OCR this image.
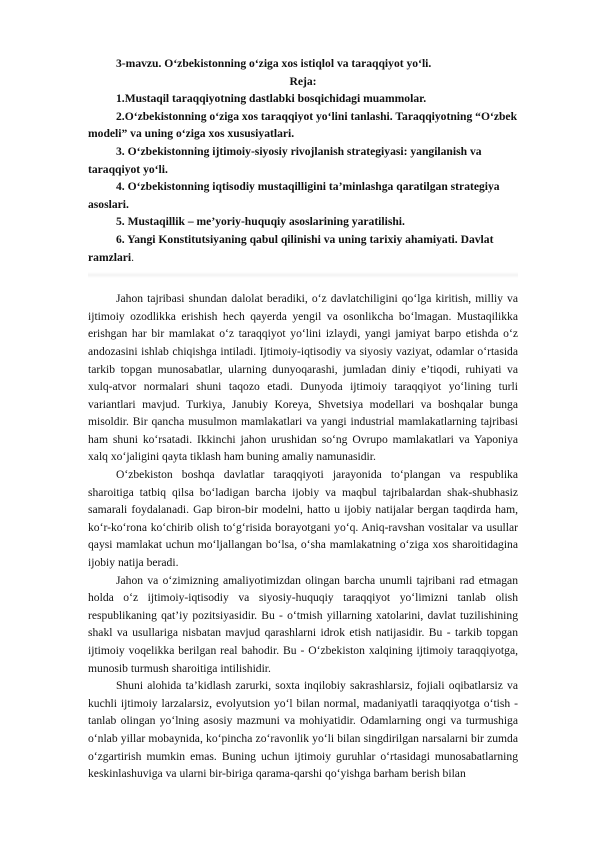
3-mavzu. O‘zbekistonning o‘ziga xos istiqlol va taraqqiyot yo‘li.

Reja:

1.Mustaqil taraqqiyotning dastlabki bosqichidagi muammolar.

2.O‘zbekistonning o‘ziga xos taraqqiyot yo‘lini tanlashi. Taraqqiyotning “O‘zbek modeli” va uning o‘ziga xos xususiyatlari.

3. O‘zbekistonning ijtimoiy-siyosiy rivojlanish strategiyasi: yangilanish va taraqqiyot yo‘li.

4. O‘zbekistonning iqtisodiy mustaqilligini ta’minlashga qaratilgan strategiya asoslari.

5. Mustaqillik – me’yoriy-huquqiy asoslarining yaratilishi.

6. Yangi Konstitutsiyaning qabul qilinishi va uning tarixiy ahamiyati. Davlat ramzlari.

Jahon tajribasi shundan dalolat beradiki, o‘z davlatchiligini qo‘lga kiritish, milliy va ijtimoiy ozodlikka erishish hech qayerda yengil va osonlikcha bo‘lmagan. Mustaqilikka erishgan har bir mamlakat o‘z taraqqiyot yo‘lini izlaydi, yangi jamiyat barpo etishda o‘z andozasini ishlab chiqishga intiladi. Ijtimoiy-iqtisodiy va siyosiy vaziyat, odamlar o‘rtasida tarkib topgan munosabatlar, ularning dunyoqarashi, jumladan diniy e’tiqodi, ruhiyati va xulq-atvor normalari shuni taqozo etadi. Dunyoda ijtimoiy taraqqiyot yo‘lining turli variantlari mavjud. Turkiya, Janubiy Koreya, Shvetsiya modellari va boshqalar bunga misoldir. Bir qancha musulmon mamlakatlari va yangi industrial mamlakatlarning tajribasi ham shuni ko‘rsatadi. Ikkinchi jahon urushidan so‘ng Ovrupo mamlakatlari va Yaponiya xalq xo‘jaligini qayta tiklash ham buning amaliy namunasidir.

O‘zbekiston boshqa davlatlar taraqqiyoti jarayonida to‘plangan va respublika sharoitiga tatbiq qilsa bo‘ladigan barcha ijobiy va maqbul tajribalardan shak-shubhasiz samarali foydalanadi. Gap biron-bir modelni, hatto u ijobiy natijalar bergan taqdirda ham, ko‘r-ko‘rona ko‘chirib olish to‘g‘risida borayotgani yo‘q. Aniq-ravshan vositalar va usullar qaysi mamlakat uchun mo‘ljallangan bo‘lsa, o‘sha mamlakatning o‘ziga xos sharoitidagina ijobiy natija beradi.

Jahon va o‘zimizning amaliyotimizdan olingan barcha unumli tajribani rad etmagan holda o‘z ijtimoiy-iqtisodiy va siyosiy-huquqiy taraqqiyot yo‘limizni tanlab olish respublikaning qat’iy pozitsiyasidir. Bu - o‘tmish yillarning xatolarini, davlat tuzilishining shakl va usullariga nisbatan mavjud qarashlarni idrok etish natijasidir. Bu - tarkib topgan ijtimoiy voqelikka berilgan real bahodir. Bu - O‘zbekiston xalqining ijtimoiy taraqqiyotga, munosib turmush sharoitiga intilishidir.

Shuni alohida ta’kidlash zarurki, soxta inqilobiy sakrashlarsiz, fojiali oqibatlarsiz va kuchli ijtimoiy larzalarsiz, evolyutsion yo‘l bilan normal, madaniyatli taraqqiyotga o‘tish - tanlab olingan yo‘lning asosiy mazmuni va mohiyatidir. Odamlarning ongi va turmushiga o‘nlab yillar mobaynida, ko‘pincha zo‘ravonlik yo‘li bilan singdirilgan narsalarni bir zumda o‘zgartirish mumkin emas. Buning uchun ijtimoiy guruhlar o‘rtasidagi munosabatlarning keskinlashuviga va ularni bir-biriga qarama-qarshi qo‘yishga barham berish bilan
